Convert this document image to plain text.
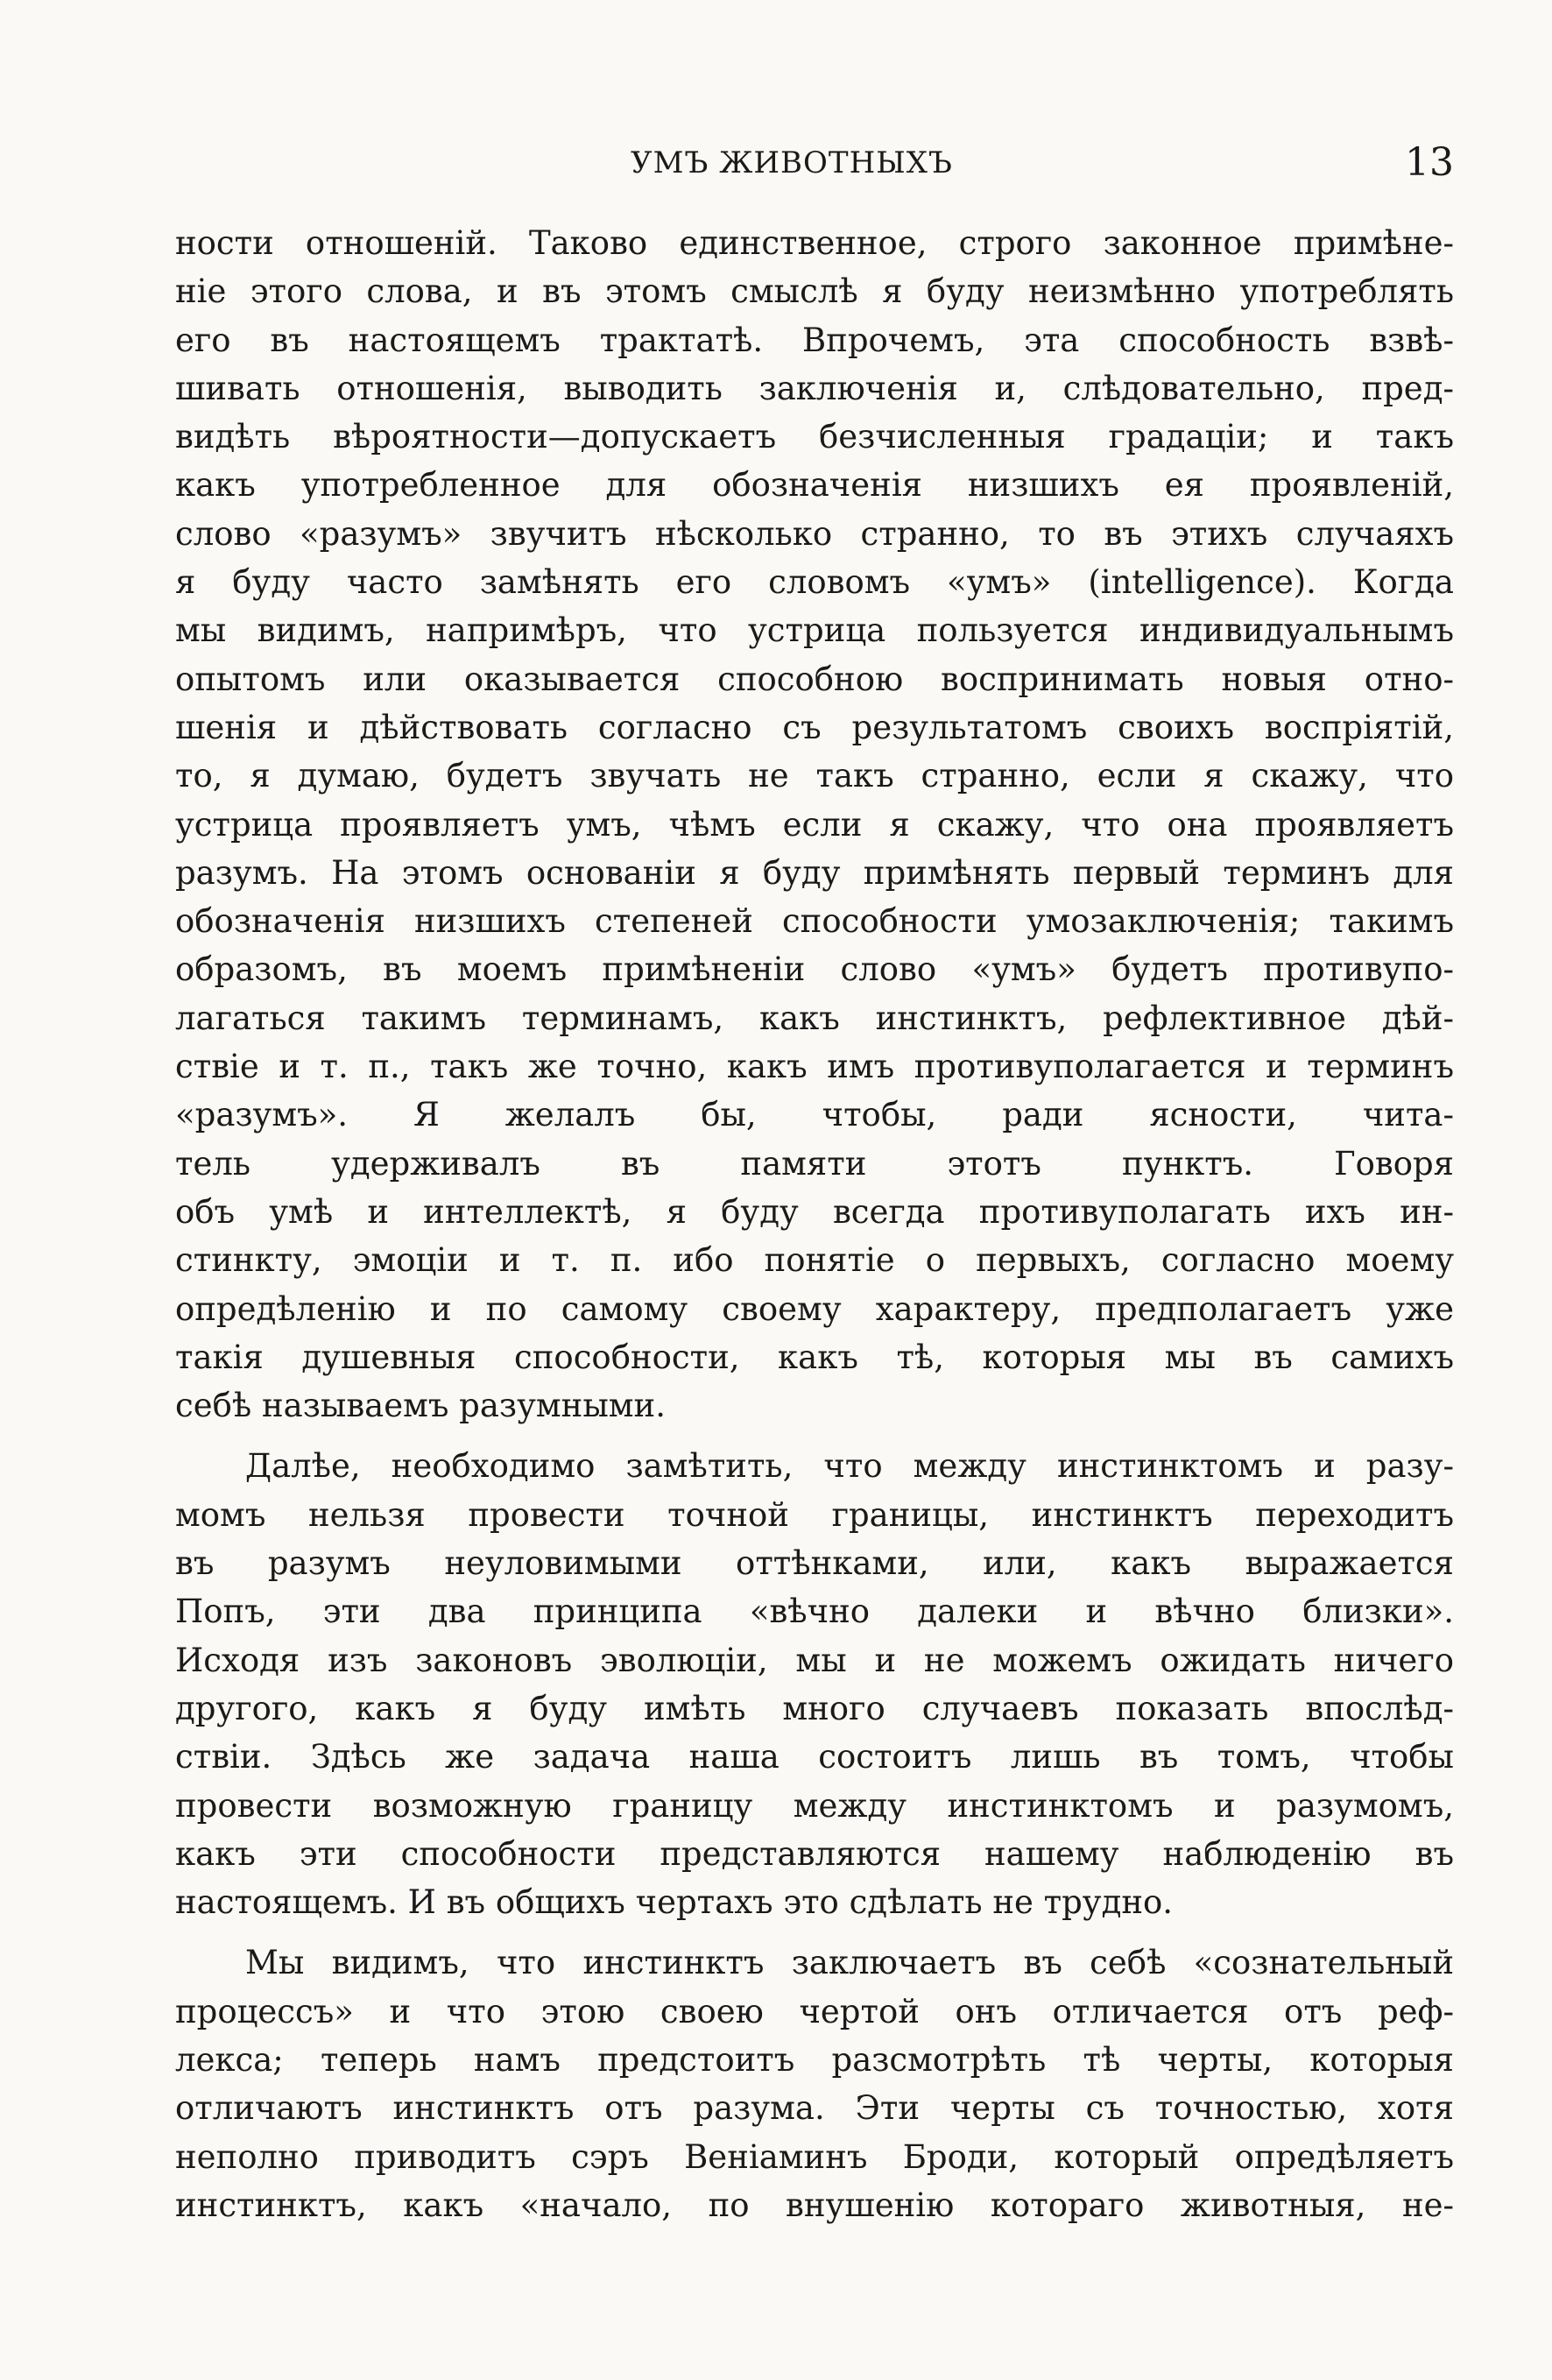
УМЪ ЖИВОТНЫХЪ	13
ности отношенiй. Таково единственное, строго законное примѣне-
нiе этого слова, и въ этомъ смыслѣ я буду неизмѣнно употреблять
его въ настоящемъ трактатѣ. Впрочемъ, эта способность взвѣ-
шивать отношенiя, выводить заключенiя и, слѣдовательно, пред-
видѣть вѣроятности—допускаетъ безчисленныя градацiи; и такъ
какъ употребленное для обозначенiя низшихъ ея проявленiй,
слово «разумъ» звучитъ нѣсколько странно, то въ этихъ случаяхъ
я буду часто замѣнять его словомъ «умъ» (intelligence). Когда
мы видимъ, напримѣръ, что устрица пользуется индивидуальнымъ
опытомъ или оказывается способною воспринимать новыя отно-
шенiя и дѣйствовать согласно съ результатомъ своихъ воспрiятiй,
то, я думаю, будетъ звучать не такъ странно, если я скажу, что
устрица проявляетъ умъ, чѣмъ если я скажу, что она проявляетъ
разумъ. На этомъ основанiи я буду примѣнять первый терминъ для
обозначенiя низшихъ степеней способности умозаключенiя; такимъ
образомъ, въ моемъ примѣненiи слово «умъ» будетъ противупо-
лагаться такимъ терминамъ, какъ инстинктъ, рефлективное дѣй-
ствiе и т. п., такъ же точно, какъ имъ противуполагается и терминъ
«разумъ». Я желалъ бы, чтобы, ради ясности, чита-
тель удерживалъ въ памяти этотъ пунктъ. Говоря
объ умѣ и интеллектѣ, я буду всегда противуполагать ихъ ин-
стинкту, эмоцiи и т. п. ибо понятiе о первыхъ, согласно моему
опредѣленiю и по самому своему характеру, предполагаетъ уже
такiя душевныя способности, какъ тѣ, которыя мы въ самихъ
себѣ называемъ разумными.
Далѣе, необходимо замѣтить, что между инстинктомъ и разу-
момъ нельзя провести точной границы, инстинктъ переходитъ
въ разумъ неуловимыми оттѣнками, или, какъ выражается
Попъ, эти два принципа «вѣчно далеки и вѣчно близки».
Исходя изъ законовъ эволюцiи, мы и не можемъ ожидать ничего
другого, какъ я буду имѣть много случаевъ показать впослѣд-
ствiи. Здѣсь же задача наша состоитъ лишь въ томъ, чтобы
провести возможную границу между инстинктомъ и разумомъ,
какъ эти способности представляются нашему наблюденiю въ
настоящемъ. И въ общихъ чертахъ это сдѣлать не трудно.
Мы видимъ, что инстинктъ заключаетъ въ себѣ «сознательный
процессъ» и что этою своею чертой онъ отличается отъ реф-
лекса; теперь намъ предстоитъ разсмотрѣть тѣ черты, которыя
отличаютъ инстинктъ отъ разума. Эти черты съ точностью, хотя
неполно приводитъ сэръ Венiаминъ Броди, который опредѣляетъ
инстинктъ, какъ «начало, по внушенiю котораго животныя, не-
